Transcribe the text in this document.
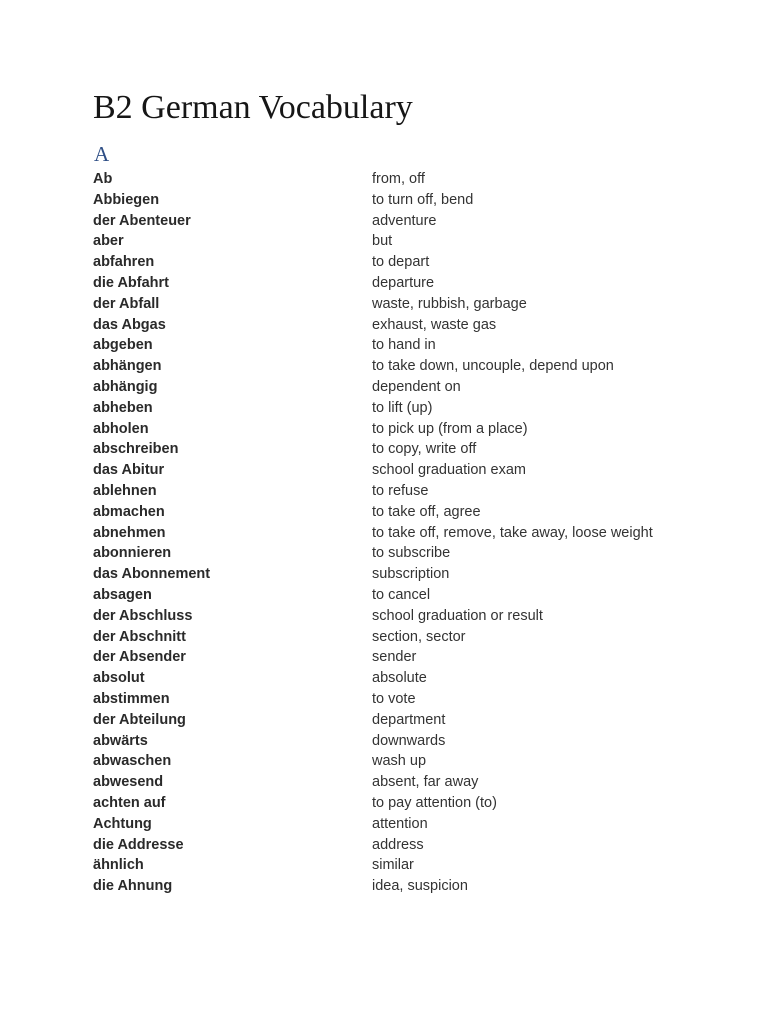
B2 German Vocabulary
A
Ab	from, off
Abbiegen	to turn off, bend
der Abenteuer	adventure
aber	but
abfahren	to depart
die Abfahrt	departure
der Abfall	waste, rubbish, garbage
das Abgas	exhaust, waste gas
abgeben	to hand in
abhängen	to take down, uncouple, depend upon
abhängig	dependent on
abheben	to lift (up)
abholen	to pick up (from a place)
abschreiben	to copy, write off
das Abitur	school graduation exam
ablehnen	to refuse
abmachen	to take off, agree
abnehmen	to take off, remove, take away, loose weight
abonnieren	to subscribe
das Abonnement	subscription
absagen	to cancel
der Abschluss	school graduation or result
der Abschnitt	section, sector
der Absender	sender
absolut	absolute
abstimmen	to vote
der Abteilung	department
abwärts	downwards
abwaschen	wash up
abwesend	absent, far away
achten auf	to pay attention (to)
Achtung	attention
die Addresse	address
ähnlich	similar
die Ahnung	idea, suspicion
